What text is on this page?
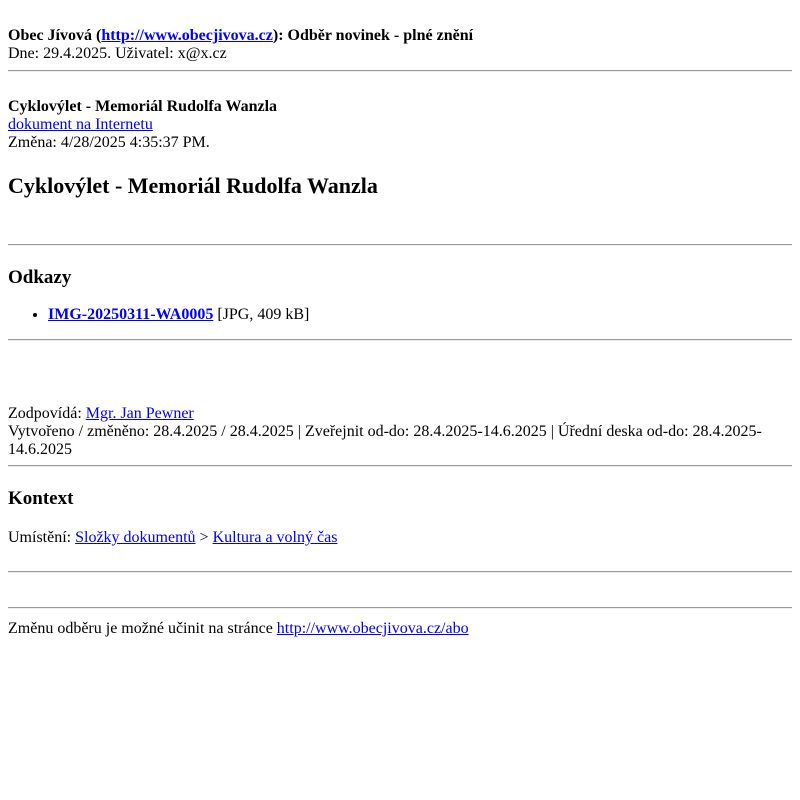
Obec Jívová (http://www.obecjivova.cz): Odběr novinek - plné znění
Dne: 29.4.2025. Uživatel: x@x.cz
Cyklovýlet - Memoriál Rudolfa Wanzla
dokument na Internetu
Změna: 4/28/2025 4:35:37 PM.
Cyklovýlet - Memoriál Rudolfa Wanzla
Odkazy
• IMG-20250311-WA0005 [JPG, 409 kB]
Zodpovídá: Mgr. Jan Pewner
Vytvořeno / změněno: 28.4.2025 / 28.4.2025 | Zveřejnit od-do: 28.4.2025-14.6.2025 | Úřední deska od-do: 28.4.2025-
14.6.2025
Kontext
Umístění: Složky dokumentů > Kultura a volný čas
Změnu odběru je možné učinit na stránce http://www.obecjivova.cz/abo
